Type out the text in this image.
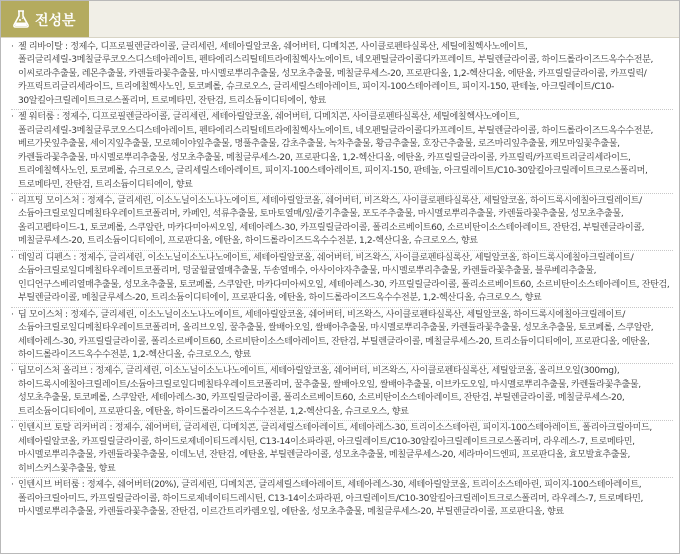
전성분
· 젤 리바이탈 : 정제수, 디프로필렌글라이콜, 글리세린, 세테아릴알코올, 쉐어버터, 디메치콘, 사이클로펜타실록산, 세틸에칠헥사노에이트, 폴리글리세릴-3메칠글루코오스디스테아레이트, 펜타에리스리틸테트라에칠헥사노에이트, 네오펜틸글라이콜디카프레이트, 부틸렌글라이콜, 하이드롤라이즈드옥수수전분, 이씨로라추출물, 레몬추출물, 카렌듈라꽃추출물, 마시멜로뿌리추출물, 성모초추출물, 메칠글루세스-20, 프로판디올, 1,2-헥산디올, 에탄올, 카프릴릴글라이콜, 카프릴릭/카프릭트리글리세라이드, 트리에칠헥사노인, 토코페롤, 슈크로오스, 글리세릴스테아레이트, 피이지-100스테아레이트, 피이지-150, 판테놀, 아크릴레이트/C10-30알킬아크릴레이트크로스폴리머, 트로메타민, 잔탄검, 트리소듐이디티에이, 향료
· 젤 워터룸 : 정제수, 디프로필렌글라이콜, 글리세린, 세테아릴알코올, 쉐어버터, 디메치콘, 사이클로펜타실록산, 세틸에칠헥사노에이트, 폴리글리세릴-3메칠글루코오스디스테아레이트, 펜타에리스리틸테트라에칠헥사노에이트, 네오펜틸글라이콜디카프레이트, 부틸렌글라이콜, 하이드롤라이즈드옥수수전분, 베르가못잎추출물, 세이지잎추출물, 모로헤이야잎추출물, 명풀추출물, 감초추출물, 녹차추출물, 황금추출물, 호장근추출물, 로즈마리잎추출물, 캐모마일꽃추출물, 카렌듈라꽃추출물, 마시멜로뿌리추출물, 성모초추출물, 메칠글루세스-20, 프로판디올, 1,2-헥산디올, 에탄올, 카프릴릴글라이콜, 카프릴릭/카프릭트리글리세라이드, 트리에칠헥사노인, 토코페롤, 슈크로오스, 글리세릴스테아레이트, 피이지-100스테아레이트, 피이지-150, 판테놀, 아크릴레이트/C10-30알킬아크릴레이트크로스폴리머, 트로메타민, 잔탄검, 트리소듐이디티에이, 향료
· 리프팅 모이스처 : 정제수, 글리세린, 이소노닐이소노나노에이트, 세테아릴알코올, 쉐어버터, 비즈왁스, 사이클로펜타실록산, 세틸알코올, 하이드록시에칠아크릴레이트/소듐아크릴로일디메칠타우레이트코폴리머, 카페인, 석류추출물, 토마토열매/잎/줄기추출물, 포도주추출물, 마시멜로뿌리추출물, 카렌듈라꽃추출물, 성모초추출물, 올리고펩타이드-1, 토코페롤, 스쿠알란, 마카다미아씨오일, 세테아레스-30, 카프릴릴글라이콜, 폴리소르베이트60, 소르비탄이소스테아레이트, 잔탄검, 부틸렌글라이콜, 메칠글루세스-20, 트리소듐이디티에이, 프로판디올, 에탄올, 하이드롤라이즈드옥수수전분, 1,2-헥산디올, 슈크로오스, 향료
· 데일리 디펜스 : 정제수, 글리세린, 이소노닐이소노나노에이트, 세테아릴알코올, 쉐어버터, 비즈왁스, 사이클로펜타실록산, 세틸알코올, 하이드록시에칠아크릴레이트/소듐아크릴로일디메칠타우레이트코폴리머, 덩굴월귤열매추출물, 두송열매수, 아사이야자추출물, 마시멜로뿌리추출물, 카렌듈라꽃추출물, 블루베리추출물, 인디언구스베리열매추출물, 성모초추출물, 토코페롤, 스쿠알란, 마카다미아씨오일, 세테아레스-30, 카프릴릴글라이콜, 폴리소르베이트60, 소르비탄이소스테아레이트, 잔탄검, 부틸렌글라이콜, 메칠글루세스-20, 트리소듐이디티에이, 프로판디올, 에탄올, 하이드롤라이즈드옥수수전분, 1,2-헥산디올, 슈크로오스, 향료
· 딥 모이스처 : 정제수, 글리세린, 이소노닐이소노나노에이트, 세테아릴알코올, 쉐어버터, 비즈왁스, 사이클로펜타실록산, 세틸알코올, 하이드록시에칠아크릴레이트/소듐아크릴로일디메칠타우레이트코폴리머, 올리브오일, 꿀추출물, 쌀배아오일, 쌀배아추출물, 마시멜로뿌리추출물, 카렌듈라꽃추출물, 성모초추출물, 토코페롤, 스쿠알란, 세테아레스-30, 카프릴릴글라이콜, 폴리소르베이트60, 소르비탄이소스테아레이트, 잔탄검, 부틸렌글라이콜, 메칠글루세스-20, 트리소듐이디티에이, 프로판디올, 에탄올, 하이드롤라이즈드옥수수전분, 1,2-헥산디올, 슈크로오스, 향료
· 딥모이스처 올리브 : 정제수, 글리세린, 이소노닐이소노나노에이트, 세테아릴알코올, 쉐어버터, 비즈왁스, 사이클로펜타실록산, 세틸알코올, 올리브오일(300mg), 하이드록시에칠아크릴레이트/소듐아크릴로일디메칠타우레이트코폴리머, 꿀추출물, 쌀배아오일, 쌀배아추출물, 이브카도오일, 마시멜로뿌리추출물, 카렌듈라꽃추출물, 성모초추출물, 토코페롤, 스쿠알란, 세테아레스-30, 카프릴릴글라이콜, 폴리소르베이트60, 소르비탄이소스테아레이트, 잔탄검, 부틸렌글라이콜, 메칠글루세스-20, 트리소듐이디티에이, 프로판디올, 에탄올, 하이드롤라이즈드옥수수전분, 1,2-헥산디올, 슈크로오스, 향료
· 인텐시브 토탈 리커버리 : 정제수, 쉐어버터, 글리세린, 디메치콘, 글리세릴스테아레이트, 세테아레스-30, 트리이소스테아린, 피이지-100스테아레이트, 폴리아크릴아미드, 세테아릴알코올, 카프릴릴글라이콜, 하이드로제네이티드레시틴, C13-14이소파라핀, 아크릴레이트/C10-30알킬아크릴레이트크로스폴리머, 라우레스-7, 트로메타민, 마시멜로뿌리추출물, 카렌듈라꽃추출물, 이데노넌, 잔탄검, 에탄올, 부틸렌글라이콜, 성모초추출물, 메칠글루세스-20, 세라마이드엔피, 프로판디올, 효모발효추출물, 히비스커스꽃추출물, 향료
· 인텐시브 버터룸 : 정제수, 쉐어버터(20%), 글리세린, 디메치콘, 글리세릴스테아레이트, 세테아레스-30, 세테아릴알코올, 트리이소스테아린, 피이지-100스테아레이트, 폴리아크릴아미드, 카프릴릴글라이콜, 하이드로제네이티드레시틴, C13-14이소파라핀, 아크릴레이트/C10-30알킬아크릴레이트크로스폴리머, 라우레스-7, 트로메타민, 마시멜로뿌리추출물, 카렌듈라꽃추출물, 잔탄검, 이르간트리카렘오일, 에탄올, 성모초추출물, 메칠글루세스-20, 부틸렌글라이콜, 프로판디올, 향료
